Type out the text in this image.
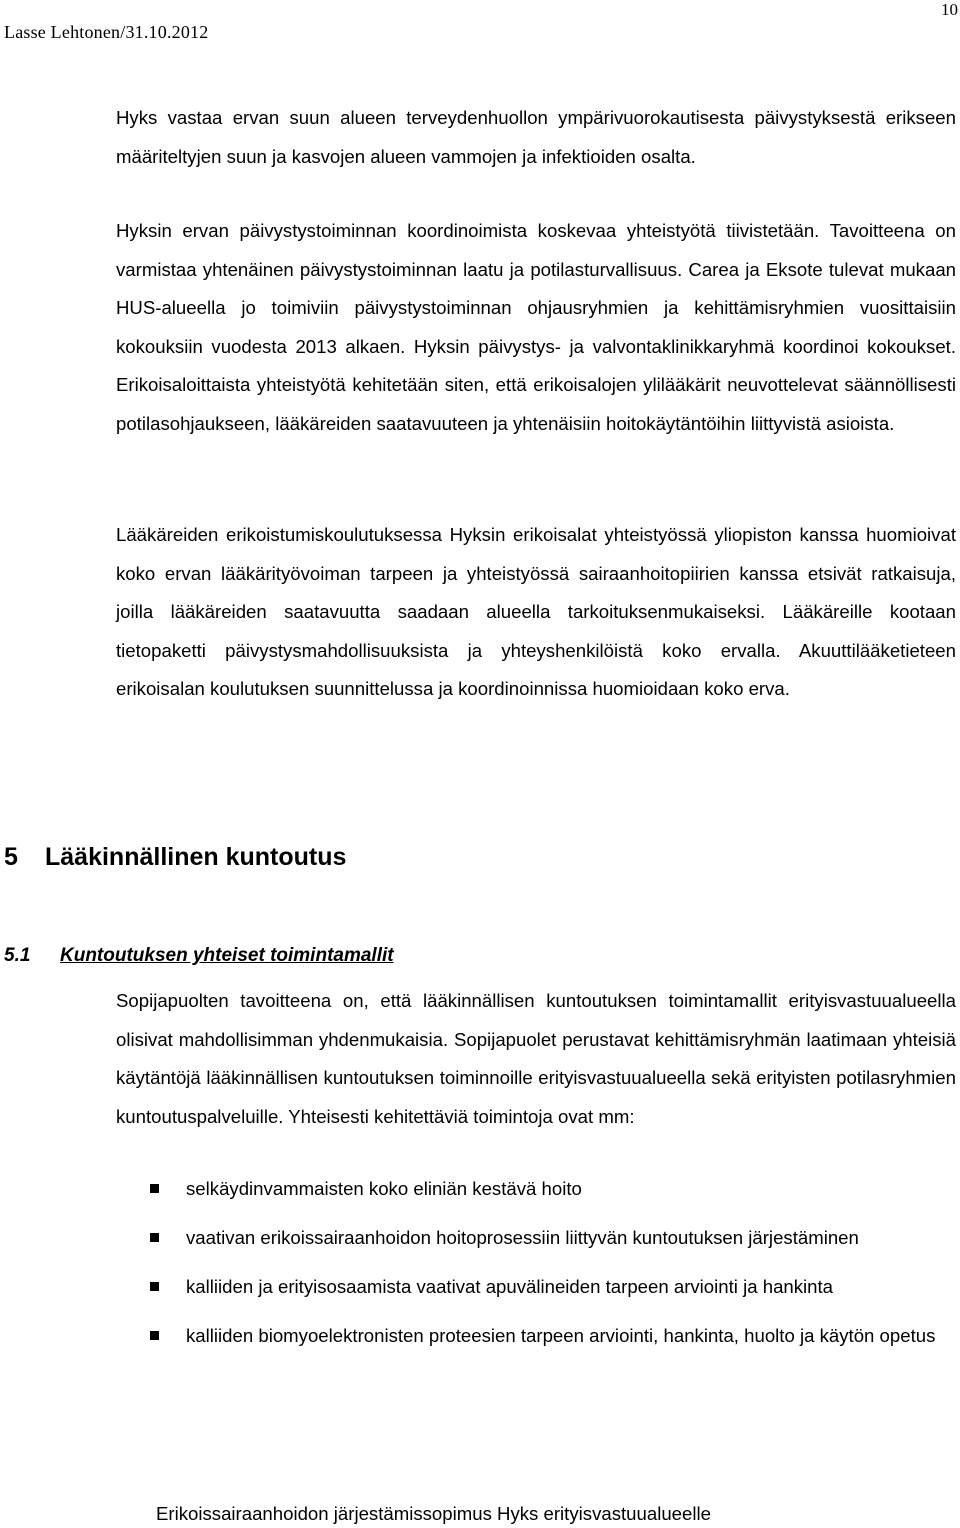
Lasse Lehtonen/31.10.2012
10

Hyks vastaa ervan suun alueen terveydenhuollon ympärivuorokautisesta päivystyksestä erikseen määriteltyjen suun ja kasvojen alueen vammojen ja infektioiden osalta.

Hyksin ervan päivystystoiminnan koordinoimista koskevaa yhteistyötä tiivistetään. Tavoitteena on varmistaa yhtenäinen päivystystoiminnan laatu ja potilasturvallisuus. Carea ja Eksote tulevat mukaan HUS-alueella jo toimiviin päivystystoiminnan ohjausryhmien ja kehittämisryhmien vuosittaisiin kokouksiin vuodesta 2013 alkaen. Hyksin päivystys- ja valvontaklinikkaryhmä koordinoi kokoukset. Erikoisaloittaista yhteistyötä kehitetään siten, että erikoisalojen ylilääkärit neuvottelevat säännöllisesti potilasohjaukseen, lääkäreiden saatavuuteen ja yhtenäisiin hoitokäytäntöihin liittyvistä asioista.

Lääkäreiden erikoistumiskoulutuksessa Hyksin erikoisalat yhteistyössä yliopiston kanssa huomioivat koko ervan lääkärityövoiman tarpeen ja yhteistyössä sairaanhoitopiirien kanssa etsivät ratkaisuja, joilla lääkäreiden saatavuutta saadaan alueella tarkoituksenmukaiseksi. Lääkäreille kootaan tietopaketti päivystysmahdollisuuksista ja yhteyshenkilöistä koko ervalla. Akuuttilääketieteen erikoisalan koulutuksen suunnittelussa ja koordinoinnissa huomioidaan koko erva.

5 Lääkinnällinen kuntoutus
5.1 Kuntoutuksen yhteiset toimintamallit

Sopijapuolten tavoitteena on, että lääkinnällisen kuntoutuksen toimintamallit erityisvastuualueella olisivat mahdollisimman yhdenmukaisia. Sopijapuolet perustavat kehittämisryhmän laatimaan yhteisiä käytäntöjä lääkinnällisen kuntoutuksen toiminnoille erityisvastuualueella sekä erityisten potilasryhmien kuntoutuspalveluille. Yhteisesti kehitettäviä toimintoja ovat mm:

selkäydinvammaisten koko eliniän kestävä hoito
vaativan erikoissairaanhoidon hoitoprosessiin liittyvän kuntoutuksen järjestäminen
kalliiden ja erityisosaamista vaativat apuvälineiden tarpeen arviointi ja hankinta
kalliiden biomyoelektronisten proteesien tarpeen arviointi, hankinta, huolto ja käytön opetus
Erikoissairaanhoidon järjestämissopimus Hyks erityisvastuualueelle
